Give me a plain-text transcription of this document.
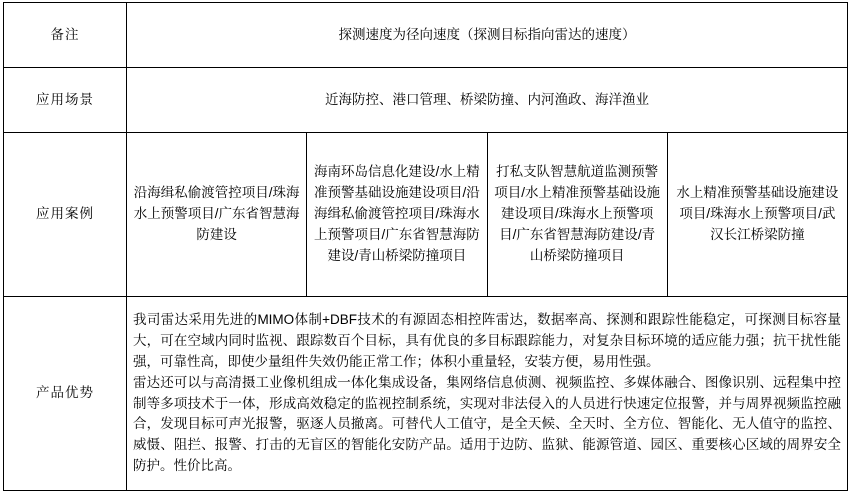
备注	探测速度为径向速度（探测目标指向雷达的速度）			
应用场景	近海防控、港口管理、桥梁防撞、内河渔政、海洋渔业			
应用案例	沿海缉私偷渡管控项目/珠海水上预警项目/广东省智慧海防建设	海南环岛信息化建设/水上精准预警基础设施建设项目/沿海缉私偷渡管控项目/珠海水上预警项目/广东省智慧海防建设/青山桥梁防撞项目	打私支队智慧航道监测预警项目/水上精准预警基础设施建设项目/珠海水上预警项目/广东省智慧海防建设/青山桥梁防撞项目	水上精准预警基础设施建设项目/珠海水上预警项目/武汉长江桥梁防撞
产品优势	我司雷达采用先进的MIMO体制+DBF技术的有源固态相控阵雷达，数据率高、探测和跟踪性能稳定，可探测目标容量大，可在空域内同时监视、跟踪数百个目标，具有优良的多目标跟踪能力，对复杂目标环境的适应能力强；抗干扰性能强，可靠性高，即使少量组件失效仍能正常工作；体积小重量轻，安装方便，易用性强。

雷达还可以与高清摄工业像机组成一体化集成设备，集网络信息侦测、视频监控、多媒体融合、图像识别、远程集中控制等多项技术于一体，形成高效稳定的监视控制系统，实现对非法侵入的人员进行快速定位报警，并与周界视频监控融合，发现目标可声光报警，驱逐人员撤离。可替代人工值守，是全天候、全天时、全方位、智能化、无人值守的监控、威慑、阻拦、报警、打击的无盲区的智能化安防产品。适用于边防、监狱、能源管道、园区、重要核心区域的周界安全防护。性价比高。			
